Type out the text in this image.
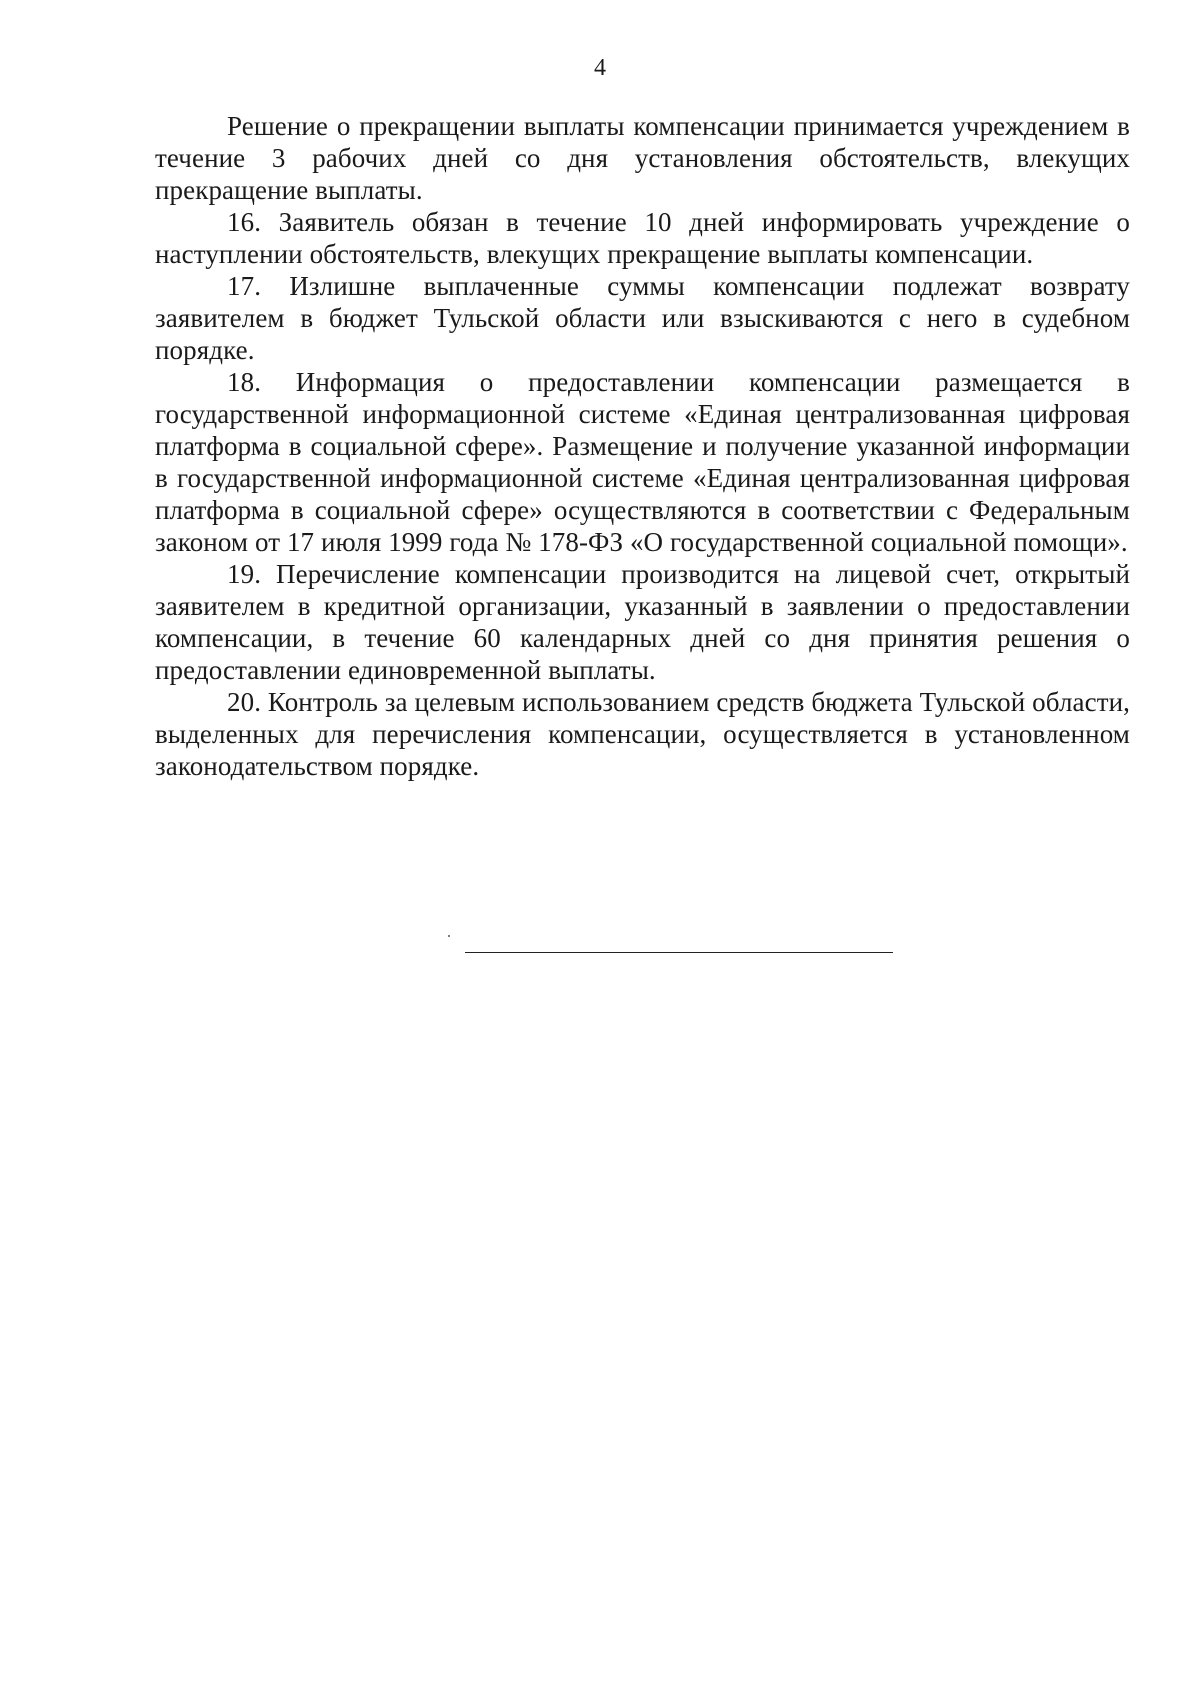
4

Решение о прекращении выплаты компенсации принимается учреждением в течение 3 рабочих дней со дня установления обстоятельств, влекущих прекращение выплаты.

16. Заявитель обязан в течение 10 дней информировать учреждение о наступлении обстоятельств, влекущих прекращение выплаты компенсации.

17. Излишне выплаченные суммы компенсации подлежат возврату заявителем в бюджет Тульской области или взыскиваются с него в судебном порядке.

18. Информация о предоставлении компенсации размещается в государственной информационной системе «Единая централизованная цифровая платформа в социальной сфере». Размещение и получение указанной информации в государственной информационной системе «Единая централизованная цифровая платформа в социальной сфере» осуществляются в соответствии с Федеральным законом от 17 июля 1999 года № 178-ФЗ «О государственной социальной помощи».

19. Перечисление компенсации производится на лицевой счет, открытый заявителем в кредитной организации, указанный в заявлении о предоставлении компенсации, в течение 60 календарных дней со дня принятия решения о предоставлении единовременной выплаты.

20. Контроль за целевым использованием средств бюджета Тульской области, выделенных для перечисления компенсации, осуществляется в установленном законодательством порядке.
